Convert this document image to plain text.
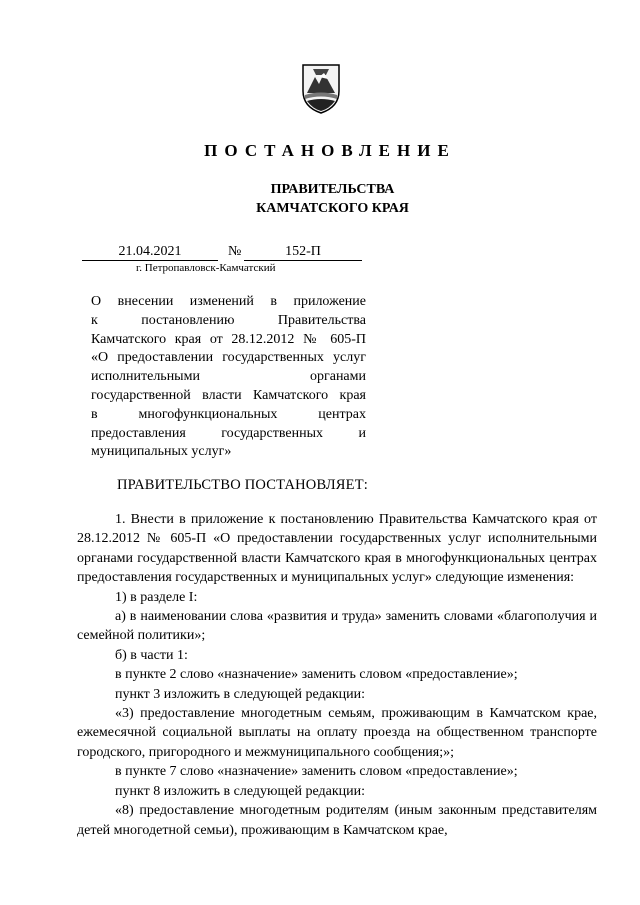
ПОСТАНОВЛЕНИЕ
ПРАВИТЕЛЬСТВА
КАМЧАТСКОГО КРАЯ
21.04.2021	№	152-П
г. Петропавловск-Камчатский
О внесении изменений в приложение
к постановлению Правительства
Камчатского края от 28.12.2012 № 605-П
«О предоставлении государственных услуг
исполнительными органами
государственной власти Камчатского края
в многофункциональных центрах
предоставления государственных и
муниципальных услуг»
ПРАВИТЕЛЬСТВО ПОСТАНОВЛЯЕТ:

1. Внести в приложение к постановлению Правительства Камчатского края от 28.12.2012 № 605-П «О предоставлении государственных услуг исполнительными органами государственной власти Камчатского края в многофункциональных центрах предоставления государственных и муниципальных услуг» следующие изменения:

1) в разделе I:

а) в наименовании слова «развития и труда» заменить словами «благополучия и семейной политики»;

б) в части 1:

в пункте 2 слово «назначение» заменить словом «предоставление»;

пункт 3 изложить в следующей редакции:

«3) предоставление многодетным семьям, проживающим в Камчатском крае, ежемесячной социальной выплаты на оплату проезда на общественном транспорте городского, пригородного и межмуниципального сообщения;»;

в пункте 7 слово «назначение» заменить словом «предоставление»;

пункт 8 изложить в следующей редакции:

«8) предоставление многодетным родителям (иным законным представителям детей многодетной семьи), проживающим в Камчатском крае,
